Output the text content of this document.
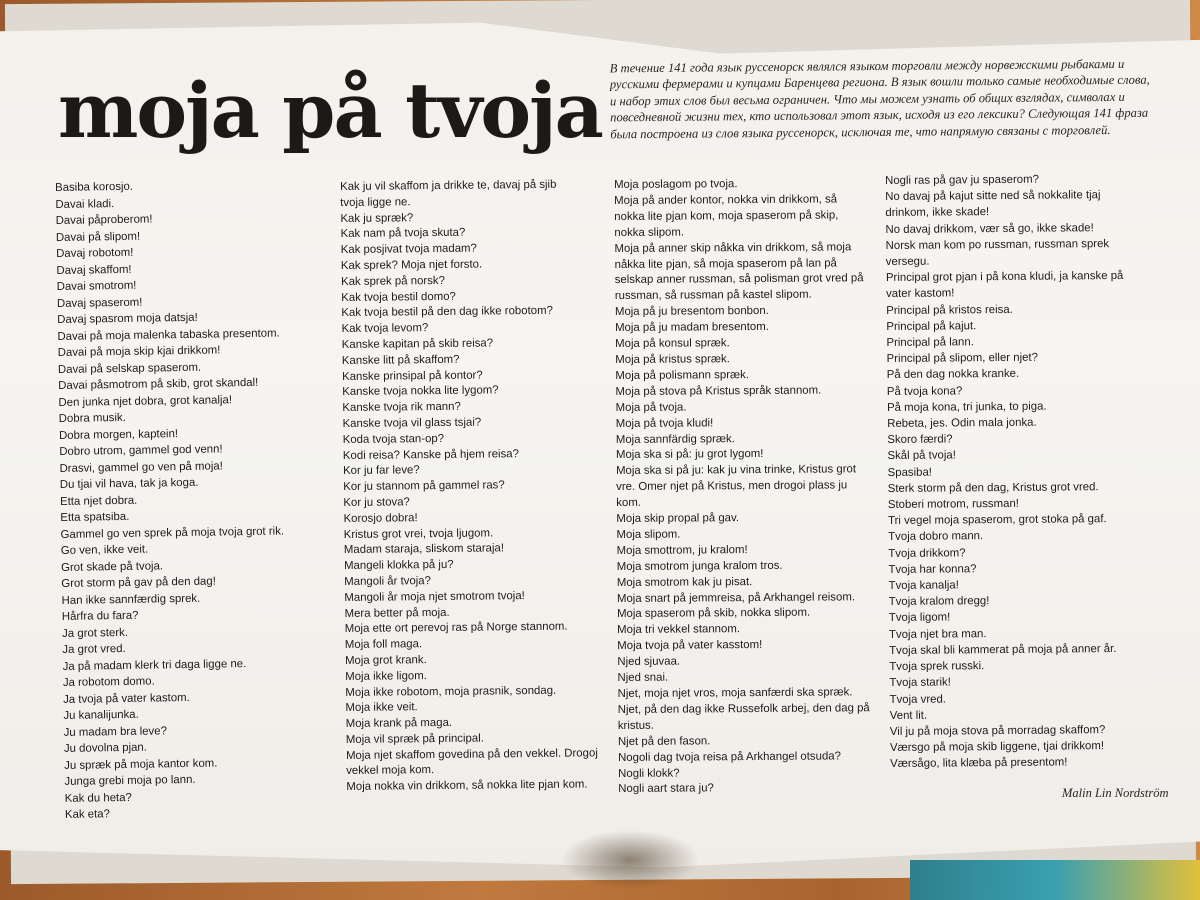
moja på tvoja В течение 141 года язык руссенорск являлся языком торговли между норвежскими рыбаками и русскими фермерами и купцами Баренцева региона. В язык вошли только самые необходимые слова, и набор этих слов был весьма ограничен. Что мы можем узнать об общих взглядах, символах и повседневной жизни тех, кто использовал этот язык, исходя из его лексики? Следующая 141 фраза была построена из слов языка руссенорск, исключая те, что напрямую связаны с торговлей.
Basiba korosjo.
Davai kladi.
Davai påproberom!
Davai på slipom!
Davaj robotom!
Davaj skaffom!
Davai smotrom!
Davaj spaserom!
Davaj spasrom moja datsja!
Davai på moja malenka tabaska presentom.
Davai på moja skip kjai drikkom!
Davai på selskap spaserom.
Davai påsmotrom på skib, grot skandal!
Den junka njet dobra, grot kanalja!
Dobra musik.
Dobra morgen, kaptein!
Dobro utrom, gammel god venn!
Drasvi, gammel go ven på moja!
Du tjai vil hava, tak ja koga.
Etta njet dobra.
Etta spatsiba.
Gammel go ven sprek på moja tvoja grot rik.
Go ven, ikke veit.
Grot skade på tvoja.
Grot storm på gav på den dag!
Han ikke sannfærdig sprek.
Hårfra du fara?
Ja grot sterk.
Ja grot vred.
Ja på madam klerk tri daga ligge ne.
Ja robotom domo.
Ja tvoja på vater kastom.
Ju kanalijunka.
Ju madam bra leve?
Ju dovolna pjan.
Ju spræk på moja kantor kom.
Junga grebi moja po lann.
Kak du heta?
Kak eta?
Kak ju vil skaffom ja drikke te, davaj på sjib
tvoja ligge ne.
Kak ju spræk?
Kak nam på tvoja skuta?
Kak posjivat tvoja madam?
Kak sprek? Moja njet forsto.
Kak sprek på norsk?
Kak tvoja bestil domo?
Kak tvoja bestil på den dag ikke robotom?
Kak tvoja levom?
Kanske kapitan på skib reisa?
Kanske litt på skaffom?
Kanske prinsipal på kontor?
Kanske tvoja nokka lite lygom?
Kanske tvoja rik mann?
Kanske tvoja vil glass tsjai?
Koda tvoja stan-op?
Kodi reisa? Kanske på hjem reisa?
Kor ju far leve?
Kor ju stannom på gammel ras?
Kor ju stova?
Korosjo dobra!
Kristus grot vrei, tvoja ljugom.
Madam staraja, sliskom staraja!
Mangeli klokka på ju?
Mangoli år tvoja?
Mangoli år moja njet smotrom tvoja!
Mera better på moja.
Moja ette ort perevoj ras på Norge stannom.
Moja foll maga.
Moja grot krank.
Moja ikke ligom.
Moja ikke robotom, moja prasnik, sondag.
Moja ikke veit.
Moja krank på maga.
Moja vil spræk på principal.
Moja njet skaffom govedina på den vekkel. Drogoj
vekkel moja kom.
Moja nokka vin drikkom, så nokka lite pjan kom.
Moja poslagom po tvoja.
Moja på ander kontor, nokka vin drikkom, så
nokka lite pjan kom, moja spaserom på skip,
nokka slipom.
Moja på anner skip nåkka vin drikkom, så moja
nåkka lite pjan, så moja spaserom på lan på
selskap anner russman, så polisman grot vred på
russman, så russman på kastel slipom.
Moja på ju bresentom bonbon.
Moja på ju madam bresentom.
Moja på konsul spræk.
Moja på kristus spræk.
Moja på polismann spræk.
Moja på stova på Kristus språk stannom.
Moja på tvoja.
Moja på tvoja kludi!
Moja sannfärdig spræk.
Moja ska si på: ju grot lygom!
Moja ska si på ju: kak ju vina trinke, Kristus grot
vre. Omer njet på Kristus, men drogoi plass ju
kom.
Moja skip propal på gav.
Moja slipom.
Moja smottrom, ju kralom!
Moja smotrom junga kralom tros.
Moja smotrom kak ju pisat.
Moja snart på jemmreisa, på Arkhangel reisom.
Moja spaserom på skib, nokka slipom.
Moja tri vekkel stannom.
Moja tvoja på vater kasstom!
Njed sjuvaa.
Njed snai.
Njet, moja njet vros, moja sanfærdi ska spræk.
Njet, på den dag ikke Russefolk arbej, den dag på
kristus.
Njet på den fason.
Nogoli dag tvoja reisa på Arkhangel otsuda?
Nogli klokk?
Nogli aart stara ju?
Nogli ras på gav ju spaserom?
No davaj på kajut sitte ned så nokkalite tjaj
drinkom, ikke skade!
No davaj drikkom, vær så go, ikke skade!
Norsk man kom po russman, russman sprek
versegu.
Principal grot pjan i på kona kludi, ja kanske på
vater kastom!
Principal på kristos reisa.
Principal på kajut.
Principal på lann.
Principal på slipom, eller njet?
På den dag nokka kranke.
På tvoja kona?
På moja kona, tri junka, to piga.
Rebeta, jes. Odin mala jonka.
Skoro færdi?
Skål på tvoja!
Spasiba!
Sterk storm på den dag, Kristus grot vred.
Stoberi motrom, russman!
Tri vegel moja spaserom, grot stoka på gaf.
Tvoja dobro mann.
Tvoja drikkom?
Tvoja har konna?
Tvoja kanalja!
Tvoja kralom dregg!
Tvoja ligom!
Tvoja njet bra man.
Tvoja skal bli kammerat på moja på anner år.
Tvoja sprek russki.
Tvoja starik!
Tvoja vred.
Vent lit.
Vil ju på moja stova på morradag skaffom?
Værsgo på moja skib liggene, tjai drikkom!
Værsågo, lita klæba på presentom!
Malin Lin Nordström
